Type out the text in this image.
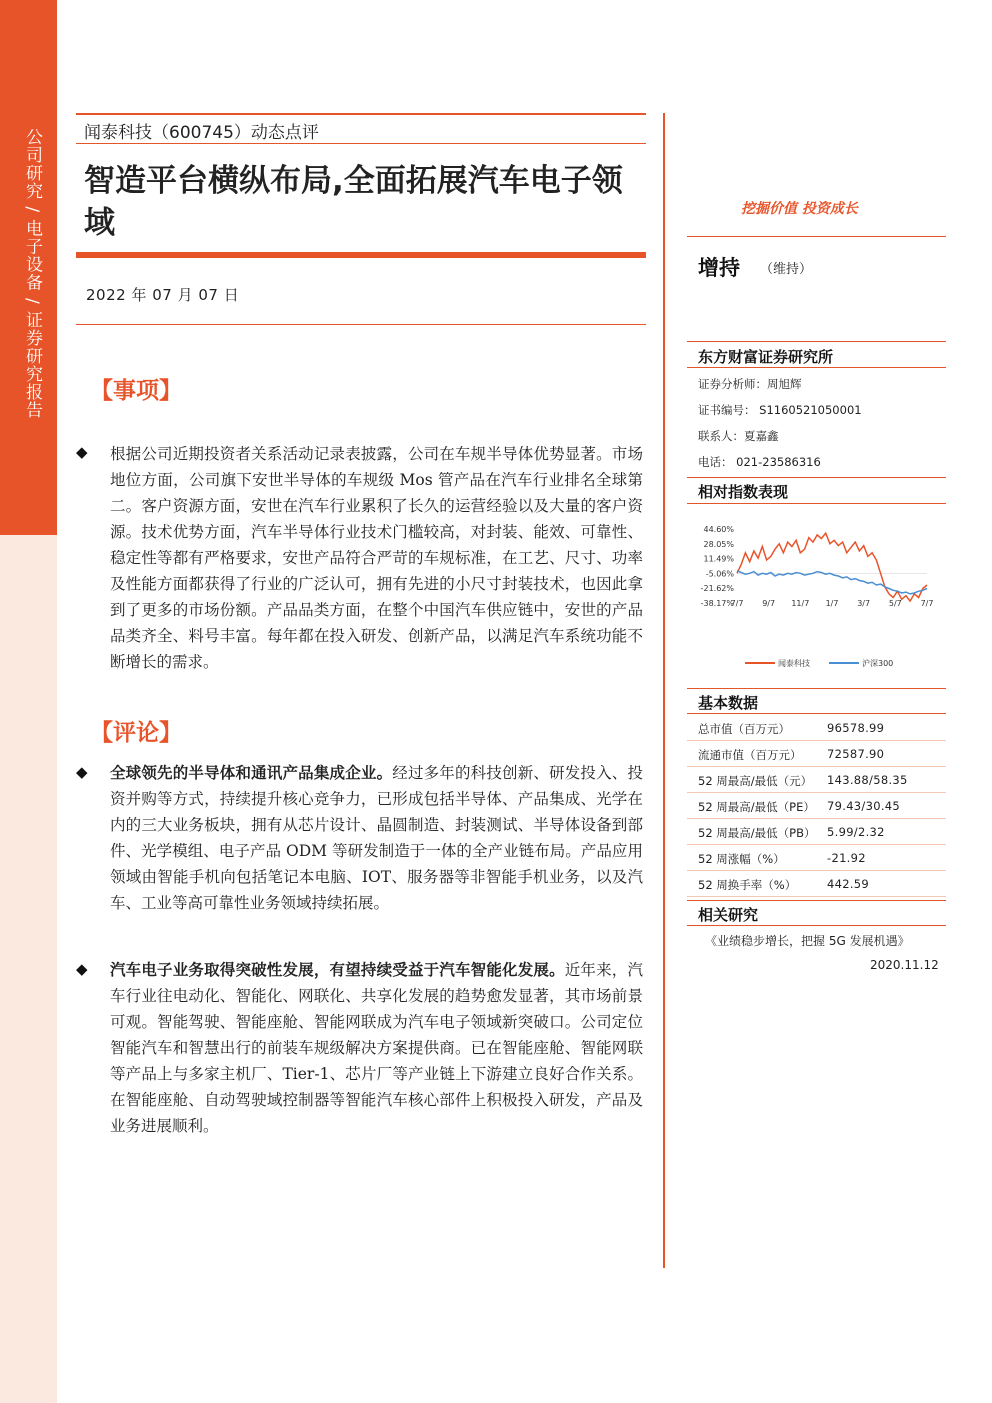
公司研究 / 电子设备 / 证券研究报告 闻泰科技（600745）动态点评
智造平台横纵布局,全面拓展汽车电子领域
2022 年 07 月 07 日
【事项】
◆ 根据公司近期投资者关系活动记录表披露，公司在车规半导体优势显著。市场地位方面，公司旗下安世半导体的车规级 Mos 管产品在汽车行业排名全球第二。客户资源方面，安世在汽车行业累积了长久的运营经验以及大量的客户资源。技术优势方面，汽车半导体行业技术门槛较高，对封装、能效、可靠性、稳定性等都有严格要求，安世产品符合严苛的车规标准，在工艺、尺寸、功率及性能方面都获得了行业的广泛认可，拥有先进的小尺寸封装技术，也因此拿到了更多的市场份额。产品品类方面，在整个中国汽车供应链中，安世的产品品类齐全、料号丰富。每年都在投入研发、创新产品，以满足汽车系统功能不断增长的需求。
【评论】
◆ 全球领先的半导体和通讯产品集成企业。经过多年的科技创新、研发投入、投资并购等方式，持续提升核心竞争力，已形成包括半导体、产品集成、光学在内的三大业务板块，拥有从芯片设计、晶圆制造、封装测试、半导体设备到部件、光学模组、电子产品 ODM 等研发制造于一体的全产业链布局。产品应用领域由智能手机向包括笔记本电脑、IOT、服务器等非智能手机业务，以及汽车、工业等高可靠性业务领域持续拓展。
◆ 汽车电子业务取得突破性发展，有望持续受益于汽车智能化发展。近年来，汽车行业往电动化、智能化、网联化、共享化发展的趋势愈发显著，其市场前景可观。智能驾驶、智能座舱、智能网联成为汽车电子领域新突破口。公司定位智能汽车和智慧出行的前装车规级解决方案提供商。已在智能座舱、智能网联等产品上与多家主机厂、Tier-1、芯片厂等产业链上下游建立良好合作关系。在智能座舱、自动驾驶域控制器等智能汽车核心部件上积极投入研发，产品及业务进展顺利。
挖掘价值 投资成长
增持 （维持）
东方财富证券研究所
证券分析师：周旭辉
证书编号： S1160521050001
联系人：夏嘉鑫
电话： 021-23586316
相对指数表现
44.60%
28.05%
11.49%
-5.06%
-21.62%
-38.17%
7/7 9/7 11/7 1/7 3/7 5/7 7/7
闻泰科技	沪深300
基本数据
总市值（百万元）	96578.99
流通市值（百万元） 72587.90
52 周最高/最低（元） 143.88/58.35
52 周最高/最低（PE） 79.43/30.45
52 周最高/最低（PB） 5.99/2.32
52 周涨幅（%）	-21.92
52 周换手率（%）	442.59
相关研究
《业绩稳步增长，把握 5G 发展机遇》
2020.11.12
